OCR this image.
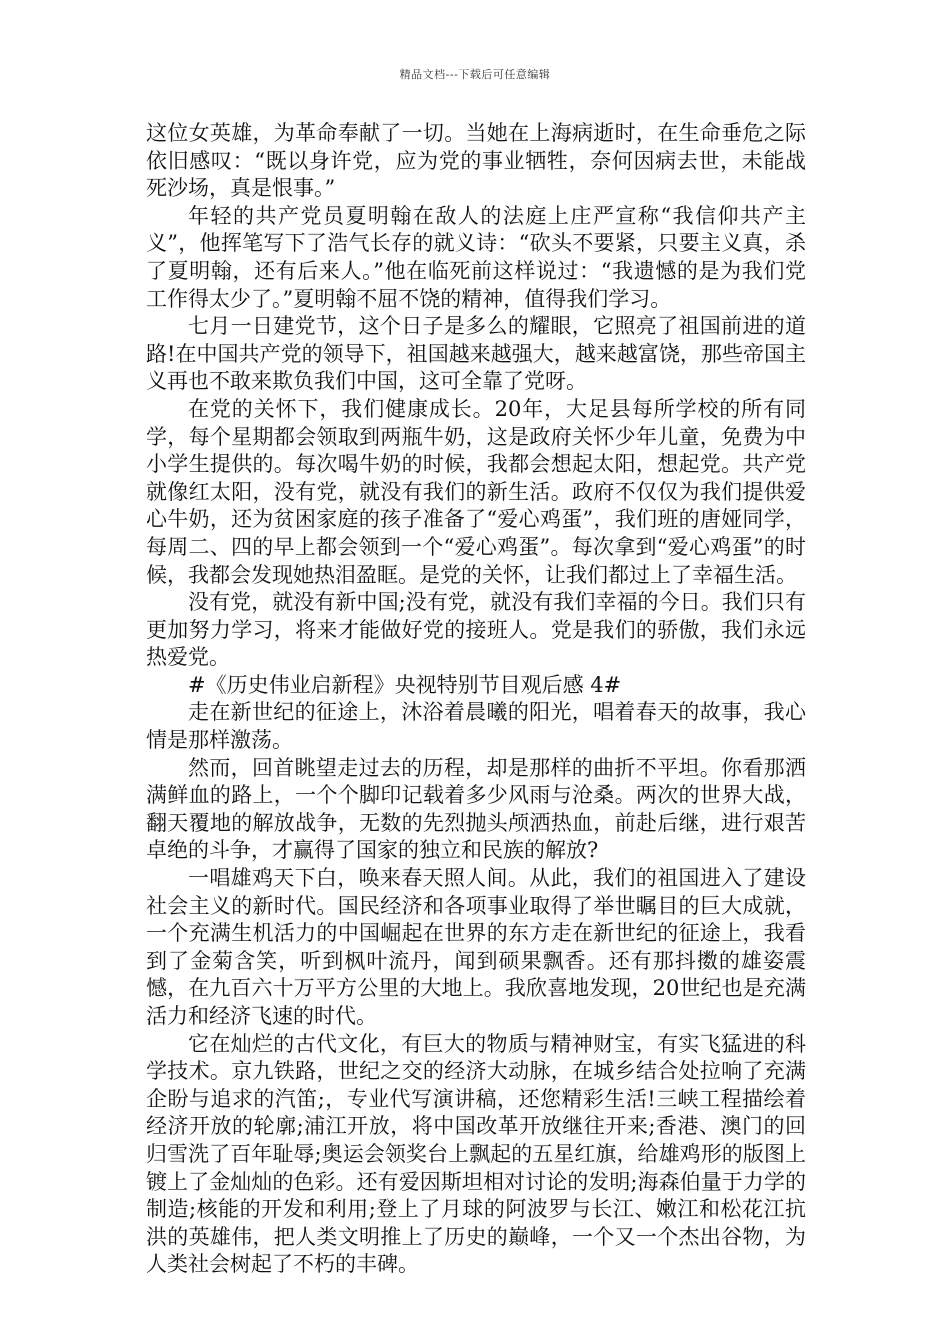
精品文档---下载后可任意编辑

这位女英雄，为革命奉献了一切。当她在上海病逝时，在生命垂危之际依旧感叹：“既以身许党，应为党的事业牺牲，奈何因病去世，未能战死沙场，真是恨事。”

年轻的共产党员夏明翰在敌人的法庭上庄严宣称“我信仰共产主义”，他挥笔写下了浩气长存的就义诗：“砍头不要紧，只要主义真，杀了夏明翰，还有后来人。”他在临死前这样说过：“我遗憾的是为我们党工作得太少了。”夏明翰不屈不饶的精神，值得我们学习。

七月一日建党节，这个日子是多么的耀眼，它照亮了祖国前进的道路!在中国共产党的领导下，祖国越来越强大，越来越富饶，那些帝国主义再也不敢来欺负我们中国，这可全靠了党呀。

在党的关怀下，我们健康成长。20年，大足县每所学校的所有同学，每个星期都会领取到两瓶牛奶，这是政府关怀少年儿童，免费为中小学生提供的。每次喝牛奶的时候，我都会想起太阳，想起党。共产党就像红太阳，没有党，就没有我们的新生活。政府不仅仅为我们提供爱心牛奶，还为贫困家庭的孩子准备了“爱心鸡蛋”，我们班的唐娅同学，每周二、四的早上都会领到一个“爱心鸡蛋”。每次拿到“爱心鸡蛋”的时候，我都会发现她热泪盈眶。是党的关怀，让我们都过上了幸福生活。

没有党，就没有新中国;没有党，就没有我们幸福的今日。我们只有更加努力学习，将来才能做好党的接班人。党是我们的骄傲，我们永远热爱党。

#《历史伟业启新程》央视特别节目观后感 4#

走在新世纪的征途上，沐浴着晨曦的阳光，唱着春天的故事，我心情是那样激荡。

然而，回首眺望走过去的历程，却是那样的曲折不平坦。你看那洒满鲜血的路上，一个个脚印记载着多少风雨与沧桑。两次的世界大战，翻天覆地的解放战争，无数的先烈抛头颅洒热血，前赴后继，进行艰苦卓绝的斗争，才赢得了国家的独立和民族的解放?

一唱雄鸡天下白，唤来春天照人间。从此，我们的祖国进入了建设社会主义的新时代。国民经济和各项事业取得了举世瞩目的巨大成就，一个充满生机活力的中国崛起在世界的东方走在新世纪的征途上，我看到了金菊含笑，听到枫叶流丹，闻到硕果飘香。还有那抖擞的雄姿震憾，在九百六十万平方公里的大地上。我欣喜地发现，20世纪也是充满活力和经济飞速的时代。

它在灿烂的古代文化，有巨大的物质与精神财宝，有实飞猛进的科学技术。京九铁路，世纪之交的经济大动脉，在城乡结合处拉响了充满企盼与追求的汽笛;，专业代写演讲稿，还您精彩生活!三峡工程描绘着经济开放的轮廓;浦江开放，将中国改革开放继往开来;香港、澳门的回归雪洗了百年耻辱;奥运会领奖台上飘起的五星红旗，给雄鸡形的版图上镀上了金灿灿的色彩。还有爱因斯坦相对讨论的发明;海森伯量于力学的制造;核能的开发和利用;登上了月球的阿波罗与长江、嫩江和松花江抗洪的英雄伟，把人类文明推上了历史的巅峰，一个又一个杰出谷物，为人类社会树起了不朽的丰碑。
